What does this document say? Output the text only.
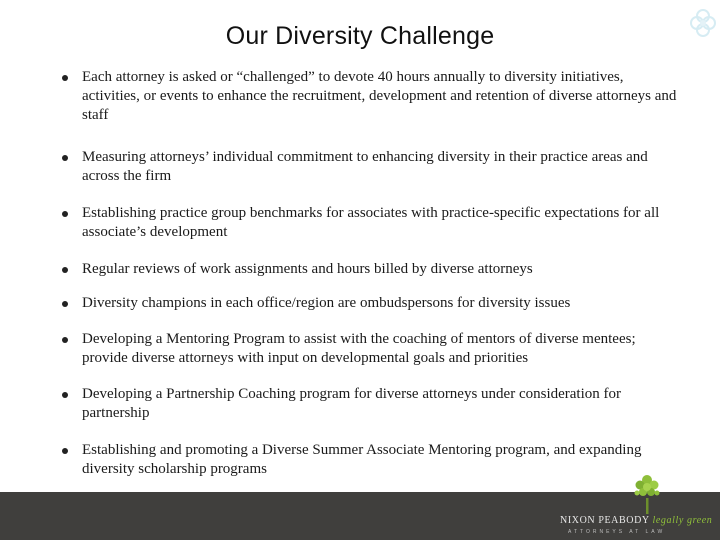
Our Diversity Challenge
Each attorney is asked or “challenged” to devote 40 hours annually to diversity initiatives, activities, or events to enhance the recruitment, development and retention of diverse attorneys and staff
Measuring attorneys’ individual commitment to enhancing diversity in their practice areas and across the firm
Establishing practice group benchmarks for associates with practice-specific expectations for all associate’s development
Regular reviews of work assignments and hours billed by diverse attorneys
Diversity champions in each office/region are ombudspersons for diversity issues
Developing a Mentoring Program to assist with the coaching of mentors of diverse mentees; provide diverse attorneys with input on developmental goals and priorities
Developing a Partnership Coaching program for diverse attorneys under consideration for partnership
Establishing and promoting a Diverse Summer Associate Mentoring program, and expanding diversity scholarship programs
NIXON PEABODY legally green
ATTORNEYS AT LAW
